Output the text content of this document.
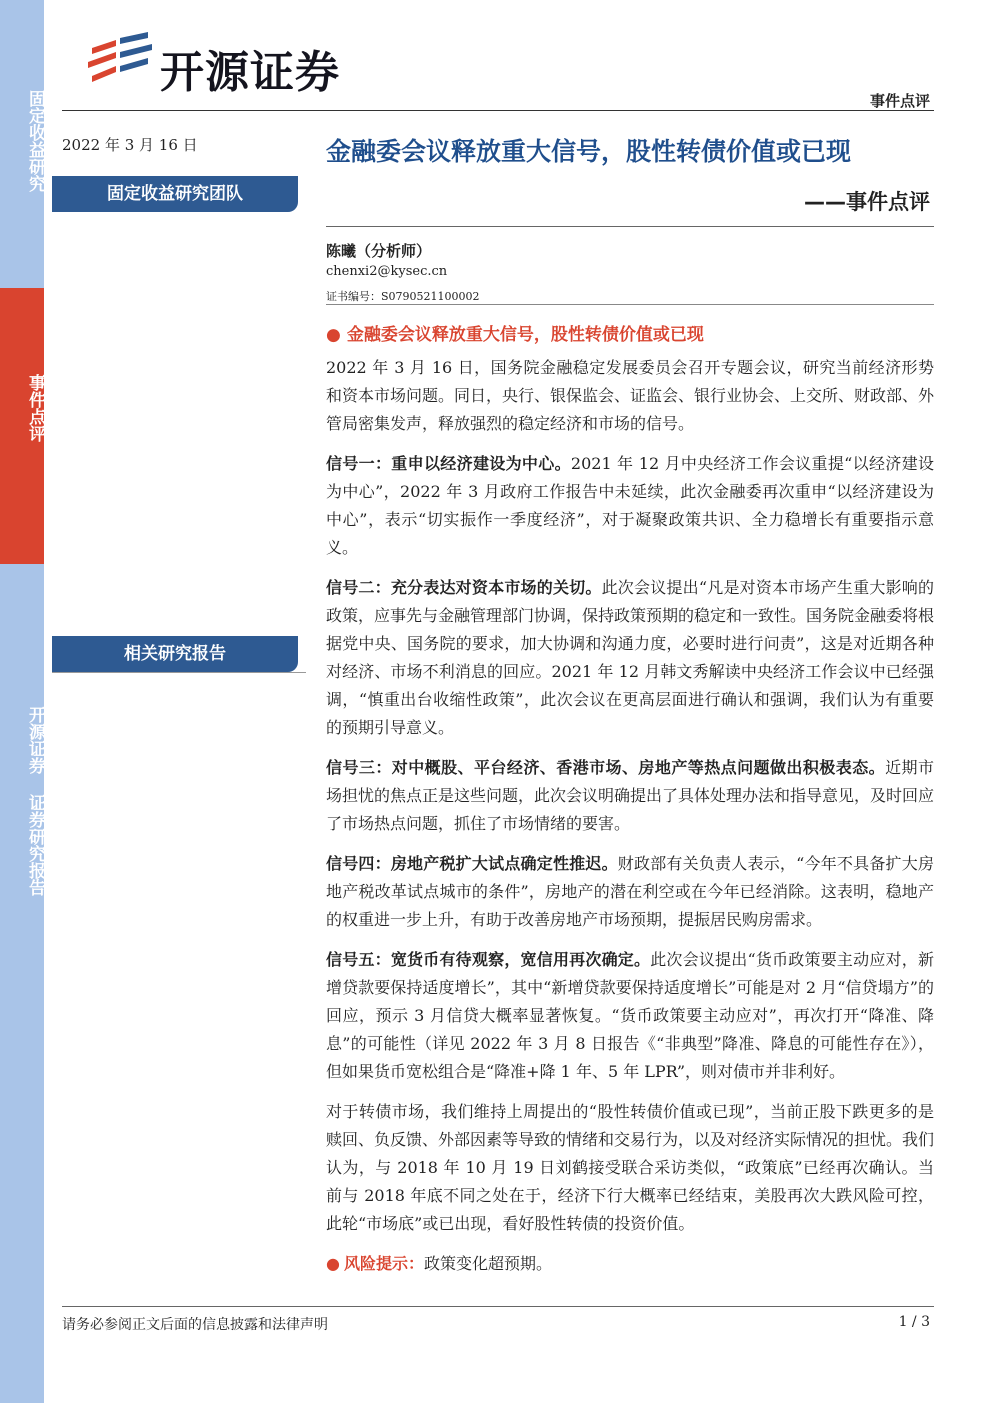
固定收益研究
事件点评
开源证券 证券研究报告
开源证券
事件点评
2022 年 3 月 16 日	金融委会议释放重大信号，股性转债价值或已现
——事件点评
固定收益研究团队
相关研究报告
陈曦（分析师）
chenxi2@kysec.cn
证书编号：S0790521100002
● 金融委会议释放重大信号，股性转债价值或已现

2022 年 3 月 16 日，国务院金融稳定发展委员会召开专题会议，研究当前经济形势和资本市场问题。同日，央行、银保监会、证监会、银行业协会、上交所、财政部、外管局密集发声，释放强烈的稳定经济和市场的信号。

信号一：重申以经济建设为中心。2021 年 12 月中央经济工作会议重提“以经济建设为中心”，2022 年 3 月政府工作报告中未延续，此次金融委再次重申“以经济建设为中心”，表示“切实振作一季度经济”，对于凝聚政策共识、全力稳增长有重要指示意义。

信号二：充分表达对资本市场的关切。此次会议提出“凡是对资本市场产生重大影响的政策，应事先与金融管理部门协调，保持政策预期的稳定和一致性。国务院金融委将根据党中央、国务院的要求，加大协调和沟通力度，必要时进行问责”，这是对近期各种对经济、市场不利消息的回应。2021 年 12 月韩文秀解读中央经济工作会议中已经强调，“慎重出台收缩性政策”，此次会议在更高层面进行确认和强调，我们认为有重要的预期引导意义。

信号三：对中概股、平台经济、香港市场、房地产等热点问题做出积极表态。近期市场担忧的焦点正是这些问题，此次会议明确提出了具体处理办法和指导意见，及时回应了市场热点问题，抓住了市场情绪的要害。

信号四：房地产税扩大试点确定性推迟。财政部有关负责人表示，“今年不具备扩大房地产税改革试点城市的条件”，房地产的潜在利空或在今年已经消除。这表明，稳地产的权重进一步上升，有助于改善房地产市场预期，提振居民购房需求。

信号五：宽货币有待观察，宽信用再次确定。此次会议提出“货币政策要主动应对，新增贷款要保持适度增长”，其中“新增贷款要保持适度增长”可能是对 2 月“信贷塌方”的回应，预示 3 月信贷大概率显著恢复。“货币政策要主动应对”，再次打开“降准、降息”的可能性（详见 2022 年 3 月 8 日报告《“非典型”降准、降息的可能性存在》），但如果货币宽松组合是“降准+降 1 年、5 年 LPR”，则对债市并非利好。

对于转债市场，我们维持上周提出的“股性转债价值或已现”，当前正股下跌更多的是赎回、负反馈、外部因素等导致的情绪和交易行为，以及对经济实际情况的担忧。我们认为，与 2018 年 10 月 19 日刘鹤接受联合采访类似，“政策底”已经再次确认。当前与 2018 年底不同之处在于，经济下行大概率已经结束，美股再次大跌风险可控，此轮“市场底”或已出现，看好股性转债的投资价值。

● 风险提示：政策变化超预期。
请务必参阅正文后面的信息披露和法律声明	1 / 3
